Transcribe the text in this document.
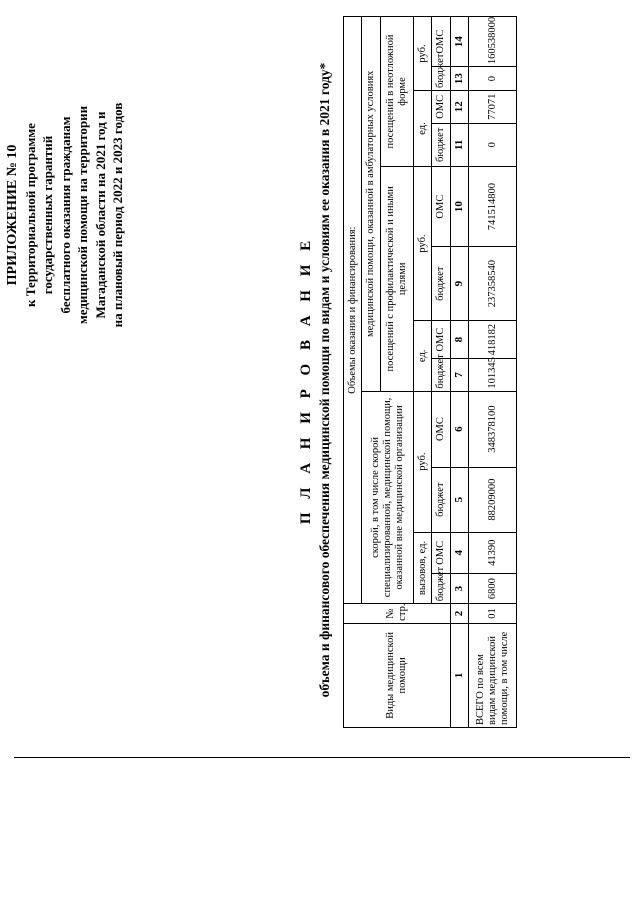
ПРИЛОЖЕНИЕ № 10 к Территориальной программе государственных гарантий бесплатного оказания гражданам медицинской помощи на территории Магаданской области на 2021 год и на плановый период 2022 и 2023 годов
П Л А Н И Р О В А Н И Е объема и финансового обеспечения медицинской помощи по видам и условиям ее оказания в 2021 году*	Виды медицинской помощи	№ стр.	Объемы оказания и финансирования:											
		скорой, в том числе скорой специализированной, медицинской помощи, оказанной вне медицинской организации				медицинской помощи, оказанной в амбулаторных условиях							
						посещений с профилактической и иными целями				посещений в неотложной форме			
		вызовов, ед.		руб.		ед.		руб.		ед.		руб.	
		бюджет	ОМС	бюджет	ОМС	бюджет	ОМС	бюджет	ОМС	бюджет	ОМС	бюджет	ОМС
1	2	3	4	5	6	7	8	9	10	11	12	13	14
ВСЕГО по всем видам медицинской помощи, в том числе	01	6800	41390	88209000	348378100	101345	418182	237358540	741514800	0	77071	0	160538000
